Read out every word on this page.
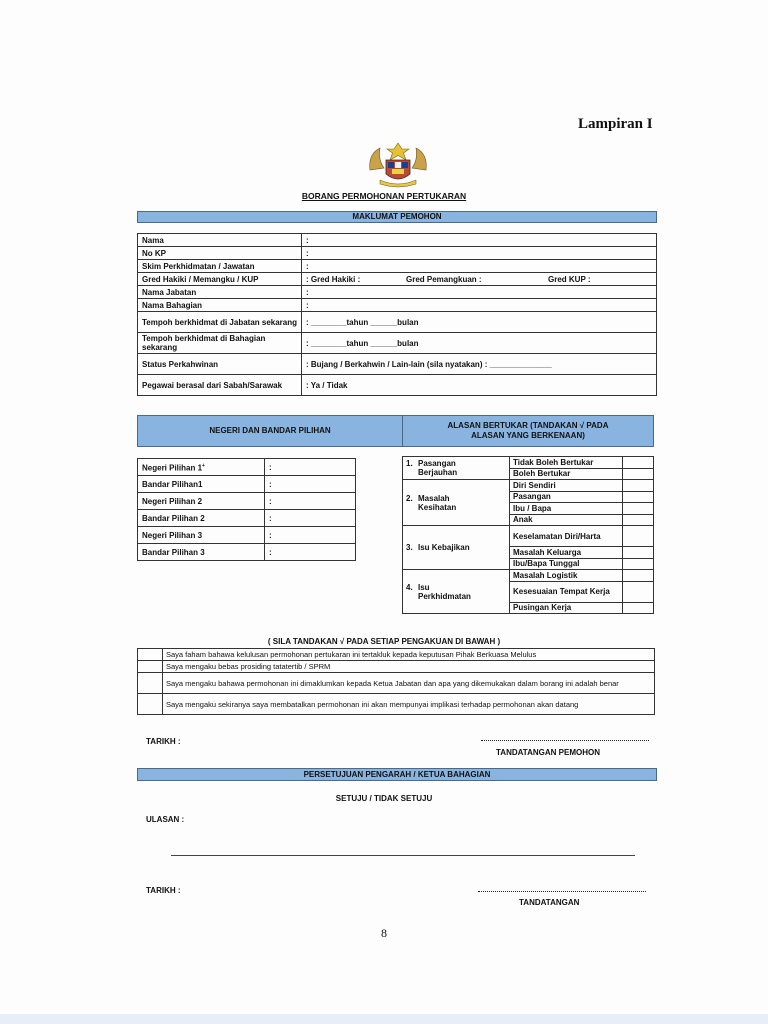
Lampiran I
BORANG PERMOHONAN PERTUKARAN
MAKLUMAT PEMOHON
Nama	:
No KP	:
Skim Perkhidmatan / Jawatan	:
Gred Hakiki / Memangku / KUP	: Gred Hakiki : Gred Pemangkuan : Gred KUP :
Nama Jabatan	:
Nama Bahagian	:
Tempoh berkhidmat di Jabatan sekarang	: ________tahun ______bulan
Tempoh berkhidmat di Bahagian sekarang	: ________tahun ______bulan
Status Perkahwinan	: Bujang / Berkahwin / Lain-lain (sila nyatakan) : ______________
Pegawai berasal dari Sabah/Sarawak	: Ya / Tidak
NEGERI DAN BANDAR PILIHAN
ALASAN BERTUKAR (TANDAKAN √ PADA ALASAN YANG BERKENAAN)
Negeri Pilihan 1+	:
Bandar Pilihan1	:
Negeri Pilihan 2	:
Bandar Pilihan 2	:
Negeri Pilihan 3	:
Bandar Pilihan 3	:
1. Pasangan Berjauhan	Tidak Boleh Bertukar	
	Boleh Bertukar	
2. Masalah Kesihatan	Diri Sendiri	
	Pasangan	
	Ibu / Bapa	
	Anak	
3. Isu Kebajikan	Keselamatan Diri/Harta	
	Masalah Keluarga	
	Ibu/Bapa Tunggal	
4. Isu Perkhidmatan	Masalah Logistik	
	Kesesuaian Tempat Kerja	
	Pusingan Kerja	
( SILA TANDAKAN √ PADA SETIAP PENGAKUAN DI BAWAH )
	Saya faham bahawa kelulusan permohonan pertukaran ini tertakluk kepada keputusan Pihak Berkuasa Melulus
	Saya mengaku bebas prosiding tatatertib / SPRM
	Saya mengaku bahawa permohonan ini dimaklumkan kepada Ketua Jabatan dan apa yang dikemukakan dalam borang ini adalah benar
	Saya mengaku sekiranya saya membatalkan permohonan ini akan mempunyai implikasi terhadap permohonan akan datang
TARIKH :
TANDATANGAN PEMOHON
PERSETUJUAN PENGARAH / KETUA BAHAGIAN
SETUJU / TIDAK SETUJU
ULASAN :
TARIKH :
TANDATANGAN
8
